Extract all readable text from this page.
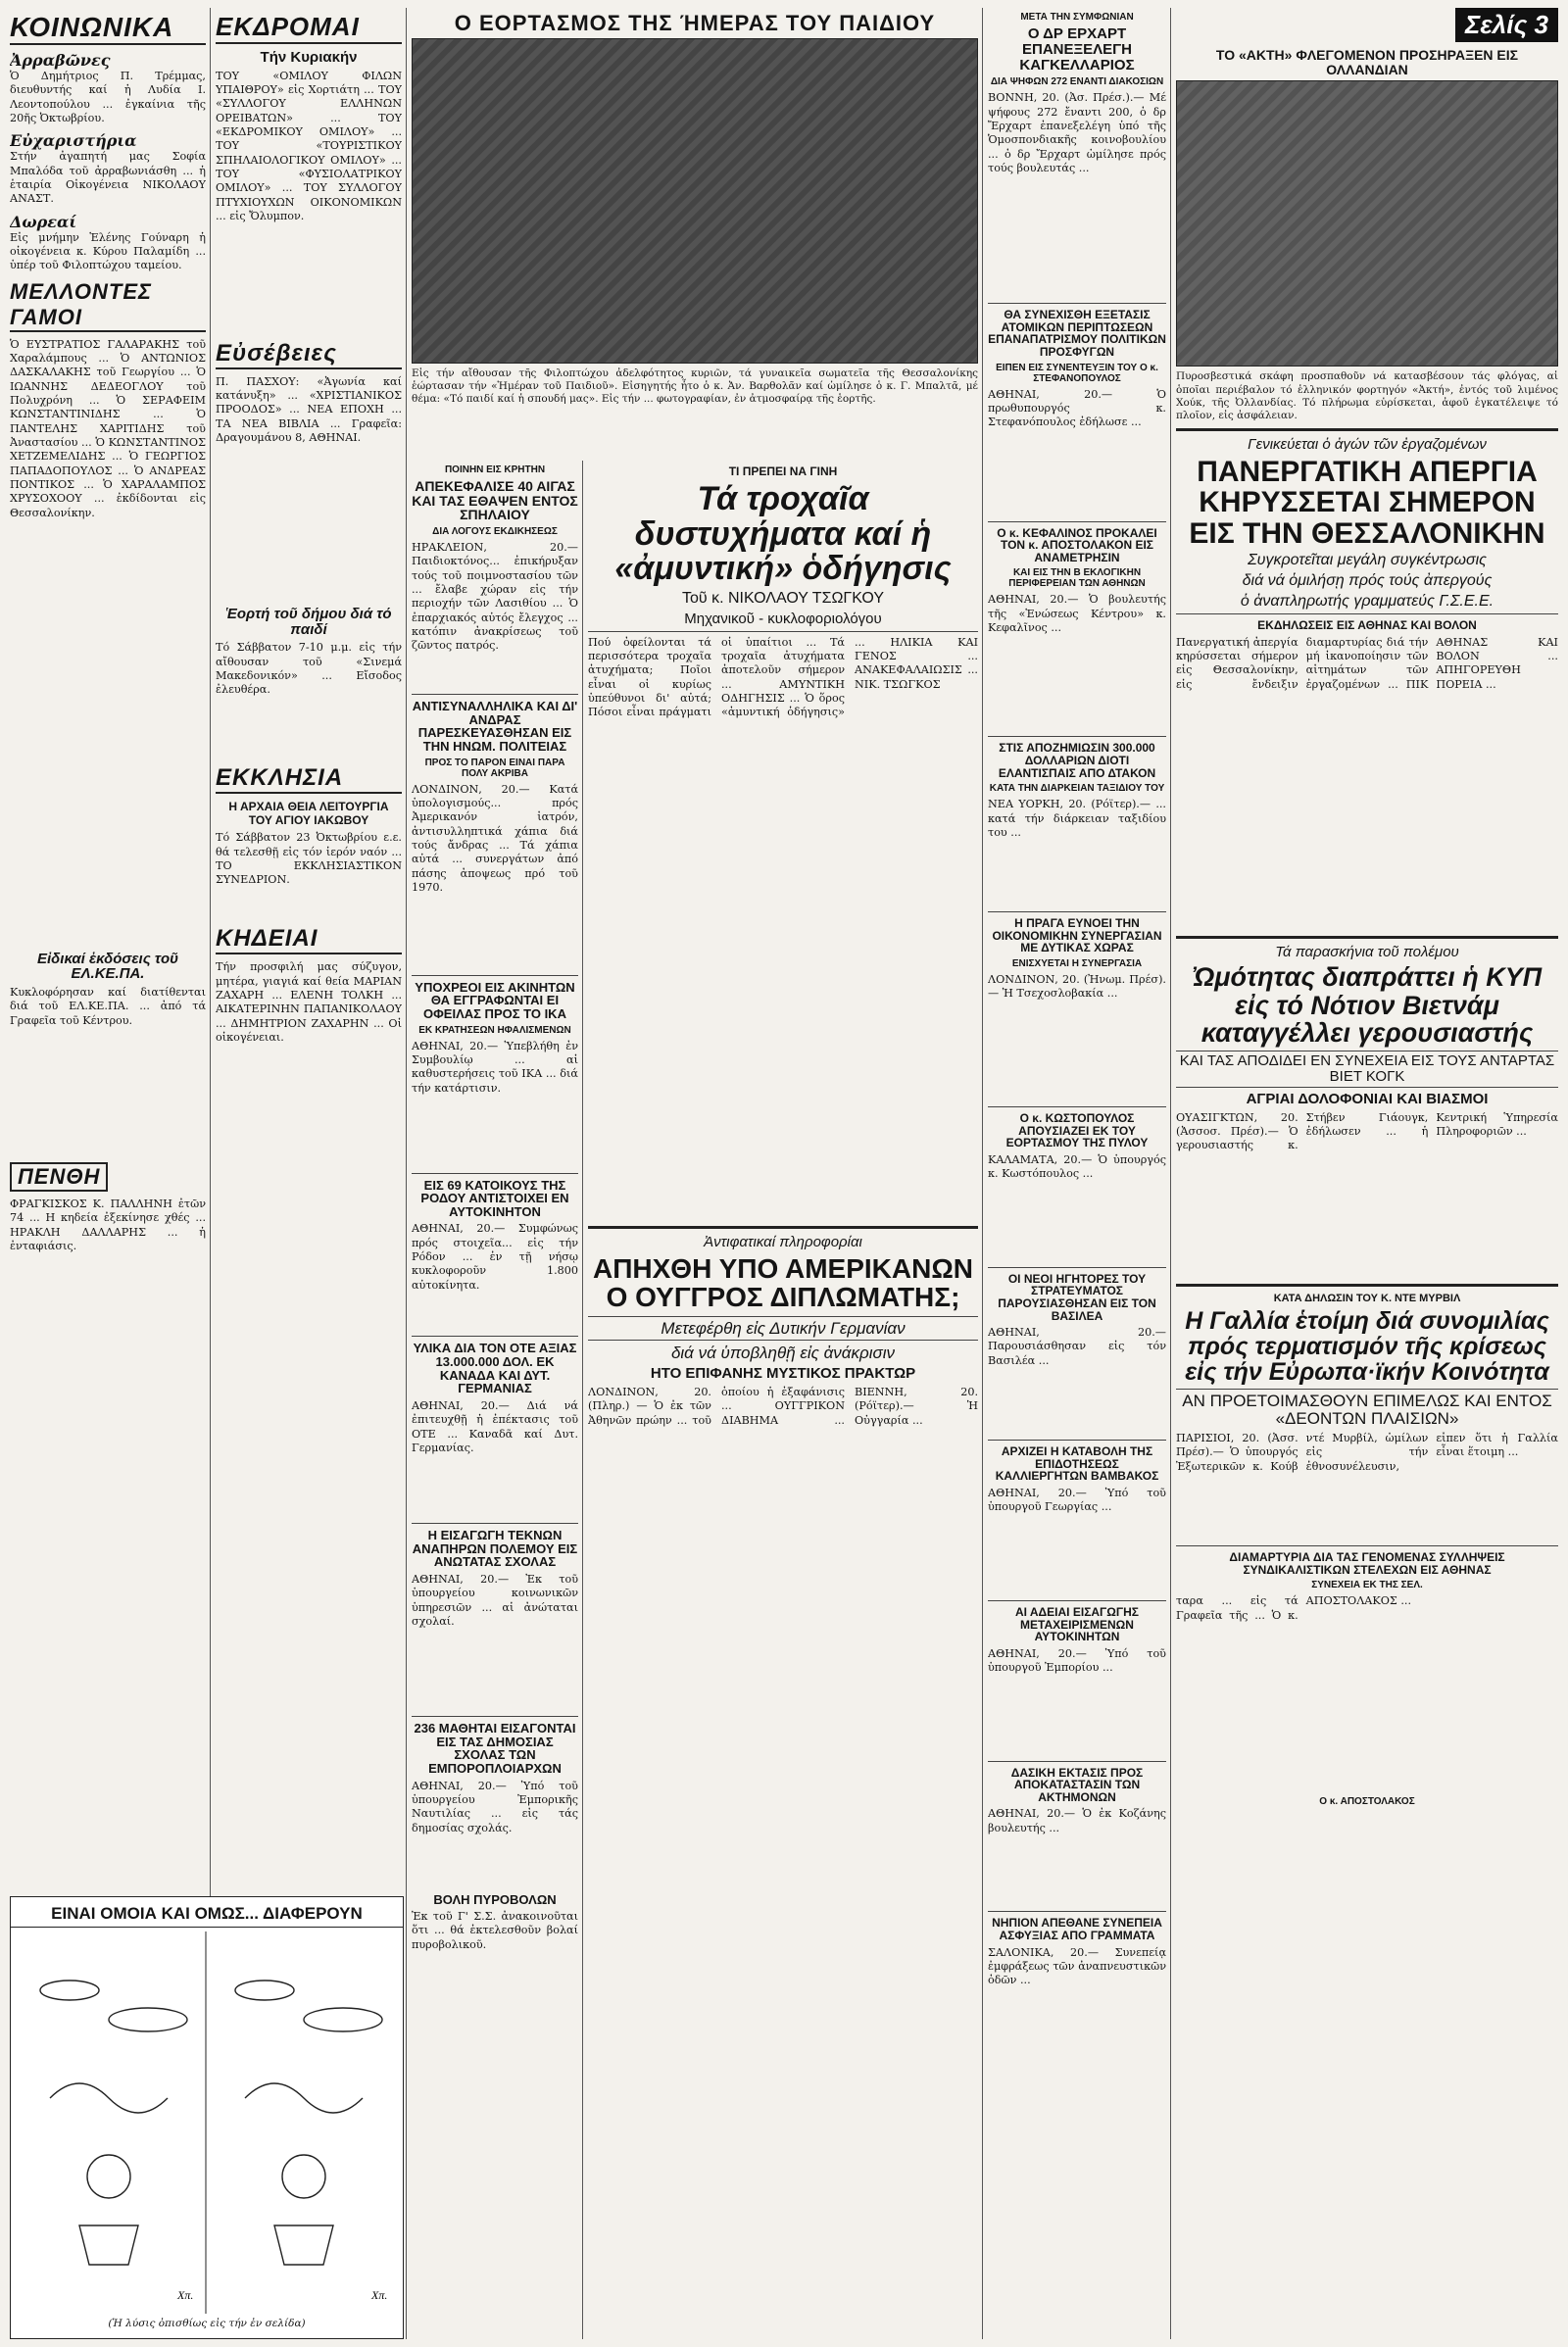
ΚΟΙΝΩΝΙΚΑ
Ἀρραβῶνες

Ὁ Δημήτριος Π. Τρέμμας, διευθυντής καί ἡ Λυδία Ι. Λεοντοπούλου ... ἐγκαίνια τῆς 20ῆς Ὀκτωβρίου.

Εὐχαριστήρια

Στήν ἀγαπητή μας Σοφία Μπαλόδα τοῦ ἀρραβωνιάσθη ... ἡ ἑταιρία Οἰκογένεια ΝΙΚΟΛΑΟΥ ΑΝΑΣΤ.

Δωρεαί

Εἰς μνήμην Ἑλένης Γούναρη ἡ οἰκογένεια κ. Κύρου Παλαμίδη ... ὑπέρ τοῦ Φιλοπτώχου ταμείου.

ΜΕΛΛΟΝΤΕΣ ΓΑΜΟΙ

Ὁ ΕΥΣΤΡΑΤΙΟΣ ΓΑΛΑΡΑΚΗΣ τοῦ Χαραλάμπους ... Ὁ ΑΝΤΩΝΙΟΣ ΔΑΣΚΑΛΑΚΗΣ τοῦ Γεωργίου ... Ὁ ΙΩΑΝΝΗΣ ΔΕΔΕΟΓΛΟΥ τοῦ Πολυχρόνη ... Ὁ ΣΕΡΑΦΕΙΜ ΚΩΝΣΤΑΝΤΙΝΙΔΗΣ ... Ὁ ΠΑΝΤΕΛΗΣ ΧΑΡΙΤΙΔΗΣ τοῦ Ἀναστασίου ... Ὁ ΚΩΝΣΤΑΝΤΙΝΟΣ ΧΕΤΖΕΜΕΛΙΔΗΣ ... Ὁ ΓΕΩΡΓΙΟΣ ΠΑΠΑΔΟΠΟΥΛΟΣ ... Ὁ ΑΝΔΡΕΑΣ ΠΟΝΤΙΚΟΣ ... Ὁ ΧΑΡΑΛΑΜΠΟΣ ΧΡΥΣΟΧΟΟΥ ... ἐκδίδονται εἰς Θεσσαλονίκην.

Εἰδικαί ἐκδόσεις τοῦ ΕΛ.ΚΕ.ΠΑ.

Κυκλοφόρησαν καί διατίθενται διά τοῦ ΕΛ.ΚΕ.ΠΑ. ... ἀπό τά Γραφεῖα τοῦ Κέντρου.

ΠΕΝΘΗ

ΦΡΑΓΚΙΣΚΟΣ Κ. ΠΑΛΛΗΝΗ ἐτῶν 74 ... Η κηδεία ἐξεκίνησε χθές ... ΗΡΑΚΛΗ ΔΑΛΛΑΡΗΣ ... ἡ ἐνταφιάσις.

ΕΚΔΡΟΜΑΙ
Τήν Κυριακήν

ΤΟΥ «ΟΜΙΛΟΥ ΦΙΛΩΝ ΥΠΑΙΘΡΟΥ» εἰς Χορτιάτη ... ΤΟΥ «ΣΥΛΛΟΓΟΥ ΕΛΛΗΝΩΝ ΟΡΕΙΒΑΤΩΝ» ... ΤΟΥ «ΕΚΔΡΟΜΙΚΟΥ ΟΜΙΛΟΥ» ... ΤΟΥ «ΤΟΥΡΙΣΤΙΚΟΥ ΣΠΗΛΑΙΟΛΟΓΙΚΟΥ ΟΜΙΛΟΥ» ... ΤΟΥ «ΦΥΣΙΟΛΑΤΡΙΚΟΥ ΟΜΙΛΟΥ» ... ΤΟΥ ΣΥΛΛΟΓΟΥ ΠΤΥΧΙΟΥΧΩΝ ΟΙΚΟΝΟΜΙΚΩΝ ... εἰς Ὄλυμπον.

Εὐσέβειες

Π. ΠΑΣΧΟΥ: «Ἀγωνία καί κατάνυξη» ... «ΧΡΙΣΤΙΑΝΙΚΟΣ ΠΡΟΟΔΟΣ» ... ΝΕΑ ΕΠΟΧΗ ... ΤΑ ΝΕΑ ΒΙΒΛΙΑ ... Γραφεῖα: Δραγουμάνου 8, ΑΘΗΝΑΙ.

Ἑορτή τοῦ δήμου διά τό παιδί

Τό Σάββατον 7-10 μ.μ. εἰς τήν αἴθουσαν τοῦ «Σινεμά Μακεδονικόν» ... Εἴσοδος ἐλευθέρα.

ΕΚΚΛΗΣΙΑ
Η ΑΡΧΑΙΑ ΘΕΙΑ ΛΕΙΤΟΥΡΓΙΑ ΤΟΥ ΑΓΙΟΥ ΙΑΚΩΒΟΥ

Τό Σάββατον 23 Ὀκτωβρίου ε.ε. θά τελεσθῇ εἰς τόν ἱερόν ναόν ... ΤΟ ΕΚΚΛΗΣΙΑΣΤΙΚΟΝ ΣΥΝΕΔΡΙΟΝ.

ΚΗΔΕΙΑΙ

Τήν προσφιλή μας σύζυγον, μητέρα, γιαγιά καί θεία ΜΑΡΙΑΝ ΖΑΧΑΡΗ ... ΕΛΕΝΗ ΤΟΛΚΗ ... ΑΙΚΑΤΕΡΙΝΗΝ ΠΑΠΑΝΙΚΟΛΑΟΥ ... ΔΗΜΗΤΡΙΟΝ ΖΑΧΑΡΗΝ ... Οἱ οἰκογένειαι.

Ο ΕΟΡΤΑΣΜΟΣ ΤΗΣ ΉΜΕΡΑΣ ΤΟΥ ΠΑΙΔΙΟΥ

Εἰς τήν αἴθουσαν τῆς Φιλοπτώχου ἀδελφότητος κυριῶν, τά γυναικεῖα σωματεῖα τῆς Θεσσαλονίκης ἑώρτασαν τήν «Ἡμέραν τοῦ Παιδιοῦ». Εἰσηγητής ἦτο ὁ κ. Ἀν. Βαρθολᾶν καί ὡμίλησε ὁ κ. Γ. Μπαλτᾶ, μέ θέμα: «Τό παιδί καί ἡ σπουδή μας». Εἰς τήν ... φωτογραφίαν, ἐν ἀτμοσφαίρᾳ τῆς ἑορτῆς.

ΠΟΙΝΗΝ ΕΙΣ ΚΡΗΤΗΝ
ΑΠΕΚΕΦΑΛΙΣΕ 40 ΑΙΓΑΣ ΚΑΙ ΤΑΣ ΕΘΑΨΕΝ ΕΝΤΟΣ ΣΠΗΛΑΙΟΥ
ΔΙΑ ΛΟΓΟΥΣ ΕΚΔΙΚΗΣΕΩΣ

ΗΡΑΚΛΕΙΟΝ, 20.— Παιδιοκτόνος... ἐπικήρυξαν τούς τοῦ ποιμνοστασίου τῶν ... ἔλαβε χώραν εἰς τήν περιοχήν τῶν Λασιθίου ... Ὁ ἐπαρχιακός αὐτός ἔλεγχος ... κατόπιν ἀνακρίσεως τοῦ ζῶντος πατρός.

ΑΝΤΙΣΥΝΑΛΛΗΛΙΚΑ ΚΑΙ ΔΙ' ΑΝΔΡΑΣ ΠΑΡΕΣΚΕΥΑΣΘΗΣΑΝ ΕΙΣ ΤΗΝ ΗΝΩΜ. ΠΟΛΙΤΕΙΑΣ
ΠΡΟΣ ΤΟ ΠΑΡΟΝ ΕΙΝΑΙ ΠΑΡΑ ΠΟΛΥ ΑΚΡΙΒΑ

ΛΟΝΔΙΝΟΝ, 20.— Κατά ὑπολογισμούς... πρός Ἀμερικανόν ἰατρόν, ἀντισυλληπτικά χάπια διά τούς ἄνδρας ... Τά χάπια αὐτά ... συνεργάτων ἀπό πάσης ἀποψεως πρό τοῦ 1970.

ΥΠΟΧΡΕΟΙ ΕΙΣ ΑΚΙΝΗΤΩΝ ΘΑ ΕΓΓΡΑΦΩΝΤΑΙ ΕΙ ΟΦΕΙΛΑΣ ΠΡΟΣ ΤΟ ΙΚΑ
ΕΚ ΚΡΑΤΗΣΕΩΝ ΗΦΑΛΙΣΜΕΝΩΝ

ΑΘΗΝΑΙ, 20.— Ὑπεβλήθη ἐν Συμβουλίῳ ... αἱ καθυστερήσεις τοῦ ΙΚΑ ... διά τήν κατάρτισιν.

ΕΙΣ 69 ΚΑΤΟΙΚΟΥΣ ΤΗΣ ΡΟΔΟΥ ΑΝΤΙΣΤΟΙΧΕΙ ΕΝ ΑΥΤΟΚΙΝΗΤΟΝ

ΑΘΗΝΑΙ, 20.— Συμφώνως πρός στοιχεῖα... εἰς τήν Ρόδον ... ἐν τῇ νήσῳ κυκλοφοροῦν 1.800 αὐτοκίνητα.

ΥΛΙΚΑ ΔΙΑ ΤΟΝ ΟΤΕ ΑΞΙΑΣ 13.000.000 ΔΟΛ. ΕΚ ΚΑΝΑΔΑ ΚΑΙ ΔΥΤ. ΓΕΡΜΑΝΙΑΣ

ΑΘΗΝΑΙ, 20.— Διά νά ἐπιτευχθῇ ἡ ἐπέκτασις τοῦ ΟΤΕ ... Καναδᾶ καί Δυτ. Γερμανίας.

Η ΕΙΣΑΓΩΓΗ ΤΕΚΝΩΝ ΑΝΑΠΗΡΩΝ ΠΟΛΕΜΟΥ ΕΙΣ ΑΝΩΤΑΤΑΣ ΣΧΟΛΑΣ

ΑΘΗΝΑΙ, 20.— Ἐκ τοῦ ὑπουργείου κοινωνικῶν ὑπηρεσιῶν ... αἱ ἀνώταται σχολαί.

236 ΜΑΘΗΤΑΙ ΕΙΣΑΓΟΝΤΑΙ ΕΙΣ ΤΑΣ ΔΗΜΟΣΙΑΣ ΣΧΟΛΑΣ ΤΩΝ ΕΜΠΟΡΟΠΛΟΙΑΡΧΩΝ

ΑΘΗΝΑΙ, 20.— Ὑπό τοῦ ὑπουργείου Ἐμπορικῆς Ναυτιλίας ... εἰς τάς δημοσίας σχολάς.

ΒΟΛΗ ΠΥΡΟΒΟΛΩΝ

Ἐκ τοῦ Γ' Σ.Σ. ἀνακοινοῦται ὅτι ... θά ἐκτελεσθοῦν βολαί πυροβολικοῦ.

ΤΙ ΠΡΕΠΕΙ ΝΑ ΓΙΝΗ
Τά τροχαῖα δυστυχήματα καί ἡ «ἀμυντική» ὁδήγησις
Τοῦ κ. ΝΙΚΟΛΑΟΥ ΤΣΩΓΚΟΥ
Μηχανικοῦ - κυκλοφοριολόγου

Πού ὀφείλονται τά περισσότερα τροχαῖα ἀτυχήματα; Ποῖοι εἶναι οἱ κυρίως ὑπεύθυνοι δι' αὐτά; Πόσοι εἶναι πράγματι οἱ ὑπαίτιοι ... Τά τροχαῖα ἀτυχήματα ἀποτελοῦν σήμερον ... ΑΜΥΝΤΙΚΗ ΟΔΗΓΗΣΙΣ ... Ὁ ὅρος «ἀμυντική ὁδήγησις» ... ΗΛΙΚΙΑ ΚΑΙ ΓΕΝΟΣ ... ΑΝΑΚΕΦΑΛΑΙΩΣΙΣ ... ΝΙΚ. ΤΣΩΓΚΟΣ

Ἀντιφατικαί πληροφορίαι
ΑΠΗΧΘΗ ΥΠΟ ΑΜΕΡΙΚΑΝΩΝ Ο ΟΥΓΓΡΟΣ ΔΙΠΛΩΜΑΤΗΣ;
Μετεφέρθη εἰς Δυτικήν Γερμανίαν
διά νά ὑποβληθῇ εἰς ἀνάκρισιν
ΗΤΟ ΕΠΙΦΑΝΗΣ ΜΥΣΤΙΚΟΣ ΠΡΑΚΤΩΡ

ΛΟΝΔΙΝΟΝ, 20. (Πληρ.) — Ὁ ἐκ τῶν Ἀθηνῶν πρώην ... τοῦ ὁποίου ἡ ἐξαφάνισις ... ΟΥΓΓΡΙΚΟΝ ΔΙΑΒΗΜΑ ... ΒΙΕΝΝΗ, 20. (Ρόϊτερ).— Ἡ Οὐγγαρία ...

ΜΕΤΑ ΤΗΝ ΣΥΜΦΩΝΙΑΝ
Ο ΔΡ ΕΡΧΑΡΤ ΕΠΑΝΕΞΕΛΕΓΗ ΚΑΓΚΕΛΛΑΡΙΟΣ
ΔΙΑ ΨΗΦΩΝ 272 ΕΝΑΝΤΙ ΔΙΑΚΟΣΙΩΝ

ΒΟΝΝΗ, 20. (Ἀσ. Πρέσ.).— Μέ ψήφους 272 ἔναντι 200, ὁ δρ Ἔρχαρτ ἐπανεξελέγη ὑπό τῆς Ὁμοσπονδιακῆς κοινοβουλίου ... ὁ δρ Ἔρχαρτ ὡμίλησε πρός τούς βουλευτάς ...

ΘΑ ΣΥΝΕΧΙΣΘΗ ΕΞΕΤΑΣΙΣ ΑΤΟΜΙΚΩΝ ΠΕΡΙΠΤΩΣΕΩΝ ΕΠΑΝΑΠΑΤΡΙΣΜΟΥ ΠΟΛΙΤΙΚΩΝ ΠΡΟΣΦΥΓΩΝ
ΕΙΠΕΝ ΕΙΣ ΣΥΝΕΝΤΕΥΞΙΝ ΤΟΥ Ο κ. ΣΤΕΦΑΝΟΠΟΥΛΟΣ

ΑΘΗΝΑΙ, 20.— Ὁ πρωθυπουργός κ. Στεφανόπουλος ἐδήλωσε ...

Ο κ. ΚΕΦΑΛΙΝΟΣ ΠΡΟΚΑΛΕΙ ΤΟΝ κ. ΑΠΟΣΤΟΛΑΚΟΝ ΕΙΣ ΑΝΑΜΕΤΡΗΣΙΝ
ΚΑΙ ΕΙΣ ΤΗΝ Β ΕΚΛΟΓΙΚΗΝ ΠΕΡΙΦΕΡΕΙΑΝ ΤΩΝ ΑΘΗΝΩΝ

ΑΘΗΝΑΙ, 20.— Ὁ βουλευτής τῆς «Ἑνώσεως Κέντρου» κ. Κεφαλῖνος ...

ΣΤΙΣ ΑΠΟΖΗΜΙΩΣΙΝ 300.000 ΔΟΛΛΑΡΙΩΝ ΔΙΟΤΙ ΕΛΑΝΤΙΣΠΑΙΣ ΑΠΟ ΔΤΑΚΟΝ
ΚΑΤΑ ΤΗΝ ΔΙΑΡΚΕΙΑΝ ΤΑΞΙΔΙΟΥ ΤΟΥ

ΝΕΑ ΥΟΡΚΗ, 20. (Ρόϊτερ).— ... κατά τήν διάρκειαν ταξιδίου του ...

Η ΠΡΑΓΑ ΕΥΝΟΕΙ ΤΗΝ ΟΙΚΟΝΟΜΙΚΗΝ ΣΥΝΕΡΓΑΣΙΑΝ ΜΕ ΔΥΤΙΚΑΣ ΧΩΡΑΣ
ΕΝΙΣΧΥΕΤΑΙ Η ΣΥΝΕΡΓΑΣΙΑ

ΛΟΝΔΙΝΟΝ, 20. (Ἠνωμ. Πρέσ).— Ἡ Τσεχοσλοβακία ...

Ο κ. ΚΩΣΤΟΠΟΥΛΟΣ ΑΠΟΥΣΙΑΖΕΙ ΕΚ ΤΟΥ ΕΟΡΤΑΣΜΟΥ ΤΗΣ ΠΥΛΟΥ

ΚΑΛΑΜΑΤΑ, 20.— Ὁ ὑπουργός κ. Κωστόπουλος ...

ΟΙ ΝΕΟΙ ΗΓΗΤΟΡΕΣ ΤΟΥ ΣΤΡΑΤΕΥΜΑΤΟΣ ΠΑΡΟΥΣΙΑΣΘΗΣΑΝ ΕΙΣ ΤΟΝ ΒΑΣΙΛΕΑ

ΑΘΗΝΑΙ, 20.— Παρουσιάσθησαν εἰς τόν Βασιλέα ...

ΑΡΧΙΖΕΙ Η ΚΑΤΑΒΟΛΗ ΤΗΣ ΕΠΙΔΟΤΗΣΕΩΣ ΚΑΛΛΙΕΡΓΗΤΩΝ ΒΑΜΒΑΚΟΣ

ΑΘΗΝΑΙ, 20.— Ὑπό τοῦ ὑπουργοῦ Γεωργίας ...

ΑΙ ΑΔΕΙΑΙ ΕΙΣΑΓΩΓΗΣ ΜΕΤΑΧΕΙΡΙΣΜΕΝΩΝ ΑΥΤΟΚΙΝΗΤΩΝ

ΑΘΗΝΑΙ, 20.— Ὑπό τοῦ ὑπουργοῦ Ἐμπορίου ...

ΔΑΣΙΚΗ ΕΚΤΑΣΙΣ ΠΡΟΣ ΑΠΟΚΑΤΑΣΤΑΣΙΝ ΤΩΝ ΑΚΤΗΜΟΝΩΝ

ΑΘΗΝΑΙ, 20.— Ὁ ἐκ Κοζάνης βουλευτής ...

ΝΗΠΙΟΝ ΑΠΕΘΑΝΕ ΣΥΝΕΠΕΙΑ ΑΣΦΥΞΙΑΣ ΑΠΟ ΓΡΑΜΜΑΤΑ

ΣΑΛΟΝΙΚΑ, 20.— Συνεπείᾳ ἐμφράξεως τῶν ἀναπνευστικῶν ὁδῶν ...

Σελίς 3
ΤΟ «ΑΚΤΗ» ΦΛΕΓΟΜΕΝΟΝ ΠΡΟΣΗΡΑΞΕΝ ΕΙΣ ΟΛΛΑΝΔΙΑΝ

Πυροσβεστικά σκάφη προσπαθοῦν νά κατασβέσουν τάς φλόγας, αἱ ὁποῖαι περιέβαλον τό ἑλληνικόν φορτηγόν «Ἀκτή», ἐντός τοῦ λιμένος Χούκ, τῆς Ὀλλανδίας. Τό πλήρωμα εὑρίσκεται, ἀφοῦ ἐγκατέλειψε τό πλοῖον, εἰς ἀσφάλειαν.

Γενικεύεται ὁ ἀγών τῶν ἐργαζομένων
ΠΑΝΕΡΓΑΤΙΚΗ ΑΠΕΡΓΙΑ ΚΗΡΥΣΣΕΤΑΙ ΣΗΜΕΡΟΝ ΕΙΣ ΤΗΝ ΘΕΣΣΑΛΟΝΙΚΗΝ
Συγκροτεῖται μεγάλη συγκέντρωσις
διά νά ὁμιλήσῃ πρός τούς ἀπεργούς
ὁ ἀναπληρωτής γραμματεύς Γ.Σ.Ε.Ε.
ΕΚΔΗΛΩΣΕΙΣ ΕΙΣ ΑΘΗΝΑΣ ΚΑΙ ΒΟΛΟΝ

Πανεργατική ἀπεργία κηρύσσεται σήμερον εἰς Θεσσαλονίκην, εἰς ἔνδειξιν διαμαρτυρίας διά τήν μή ἱκανοποίησιν τῶν αἰτημάτων τῶν ἐργαζομένων ... ΠΙΚ ΑΘΗΝΑΣ ΚΑΙ ΒΟΛΟΝ ... ΑΠΗΓΟΡΕΥΘΗ ΠΟΡΕΙΑ ...

Τά παρασκήνια τοῦ πολέμου
Ὠμότητας διαπράττει ἡ ΚΥΠ εἰς τό Νότιον Βιετνάμ καταγγέλλει γερουσιαστής
ΚΑΙ ΤΑΣ ΑΠΟΔΙΔΕΙ ΕΝ ΣΥΝΕΧΕΙΑ ΕΙΣ ΤΟΥΣ ΑΝΤΑΡΤΑΣ ΒΙΕΤ ΚΟΓΚ
ΑΓΡΙΑΙ ΔΟΛΟΦΟΝΙΑΙ ΚΑΙ ΒΙΑΣΜΟΙ

ΟΥΑΣΙΓΚΤΩΝ, 20. (Ἀσσοσ. Πρέσ).— Ὁ γερουσιαστής κ. Στήβεν Γιάουγκ, ἐδήλωσεν ... ἡ Κεντρική Ὑπηρεσία Πληροφοριῶν ...

ΚΑΤΑ ΔΗΛΩΣΙΝ ΤΟΥ Κ. ΝΤΕ ΜΥΡΒΙΛ
Η Γαλλία ἑτοίμη διά συνομιλίας πρός τερματισμόν τῆς κρίσεως εἰς τήν Εὐρωπα·ϊκήν Κοινότητα
ΑΝ ΠΡΟΕΤΟΙΜΑΣΘΟΥΝ ΕΠΙΜΕΛΩΣ ΚΑΙ ΕΝΤΟΣ «ΔΕΟΝΤΩΝ ΠΛΑΙΣΙΩΝ»

ΠΑΡΙΣΙΟΙ, 20. (Ἀσσ. Πρέσ).— Ὁ ὑπουργός Ἐξωτερικῶν κ. Κούβ ντέ Μυρβίλ, ὡμίλων εἰς τήν ἐθνοσυνέλευσιν, εἶπεν ὅτι ἡ Γαλλία εἶναι ἕτοιμη ...

ΔΙΑΜΑΡΤΥΡΙΑ ΔΙΑ ΤΑΣ ΓΕΝΟΜΕΝΑΣ ΣΥΛΛΗΨΕΙΣ ΣΥΝΔΙΚΑΛΙΣΤΙΚΩΝ ΣΤΕΛΕΧΩΝ ΕΙΣ ΑΘΗΝΑΣ
ΣΥΝΕΧΕΙΑ ΕΚ ΤΗΣ ΣΕΛ.

ταρα ... εἰς τά Γραφεῖα τῆς ... Ὁ κ. ΑΠΟΣΤΟΛΑΚΟΣ ...

Ο κ. ΑΠΟΣΤΟΛΑΚΟΣ
ΕΙΝΑΙ ΟΜΟΙΑ ΚΑΙ ΟΜΩΣ... ΔΙΑΦΕΡΟΥΝ
Χπ.	Χπ.
(Ἡ λύσις ὀπισθίως εἰς τήν ἐν σελίδα)
